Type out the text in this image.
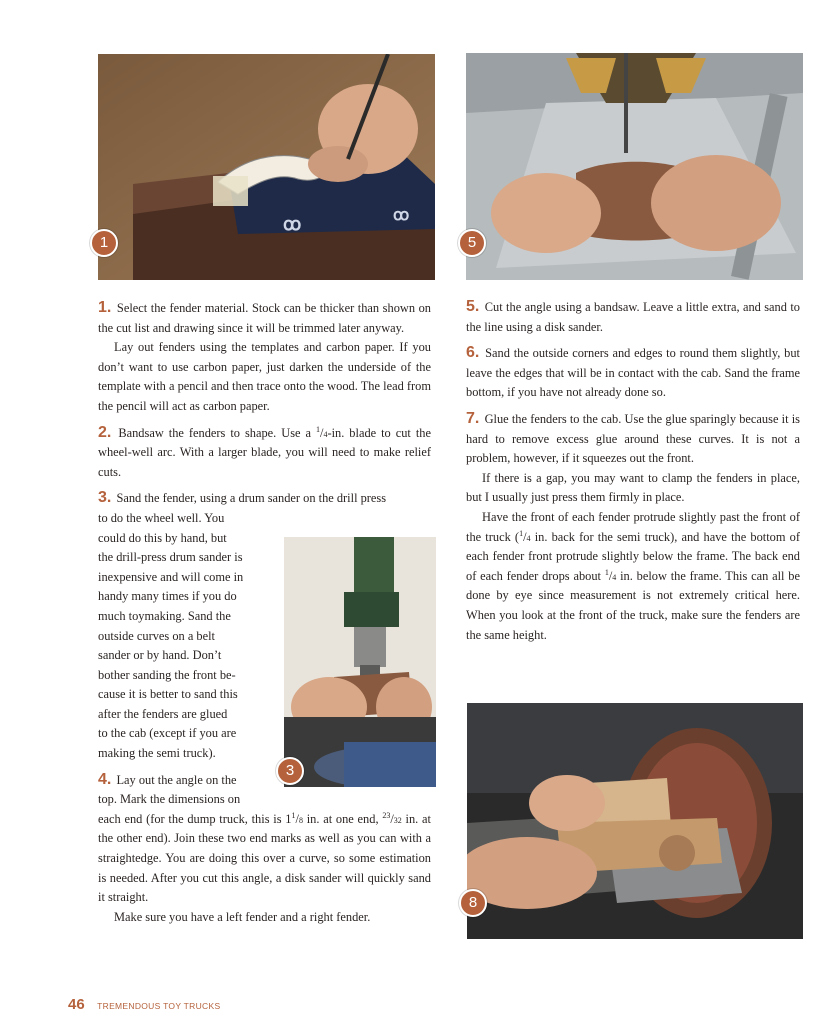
ꝏ	ꝏ
1	5
3
8

1. Select the fender material. Stock can be thicker than shown on the cut list and drawing since it will be trimmed later anyway.

Lay out fenders using the templates and carbon paper. If you don’t want to use carbon paper, just darken the underside of the template with a pencil and then trace onto the wood. The lead from the pencil will act as carbon paper.

2. Bandsaw the fenders to shape. Use a $^1$/4-in. blade to cut the wheel-well arc. With a larger blade, you will need to make relief cuts.

3. Sand the fender, using a drum sander on the drill press

to do the wheel well. You
could do this by hand, but
the drill-press drum sander is
inexpensive and will come in
handy many times if you do
much toymaking. Sand the
outside curves on a belt
sander or by hand. Don’t
bother sanding the front be-
cause it is better to sand this
after the fenders are glued
to the cab (except if you are
making the semi truck).
4. Lay out the angle on the
top. Mark the dimensions on

each end (for the dump truck, this is $1^1/8$ in. at one end, $^{23}$/32 in. at the other end). Join these two end marks as well as you can with a straightedge. You are doing this over a curve, so some estimation is needed. After you cut this angle, a disk sander will quickly sand it straight.

Make sure you have a left fender and a right fender.

5. Cut the angle using a bandsaw. Leave a little extra, and sand to the line using a disk sander.

6. Sand the outside corners and edges to round them slightly, but leave the edges that will be in contact with the cab. Sand the frame bottom, if you have not already done so.

7. Glue the fenders to the cab. Use the glue sparingly because it is hard to remove excess glue around these curves. It is not a problem, however, if it squeezes out the front.

If there is a gap, you may want to clamp the fenders in place, but I usually just press them firmly in place.

Have the front of each fender protrude slightly past the front of the truck ($^1$/4 in. back for the semi truck), and have the bottom of each fender front protrude slightly below the frame. The back end of each fender drops about $^1$/4 in. below the frame. This can all be done by eye since measurement is not extremely critical here. When you look at the front of the truck, make sure the fenders are the same height.

46 TREMENDOUS TOY TRUCKS
